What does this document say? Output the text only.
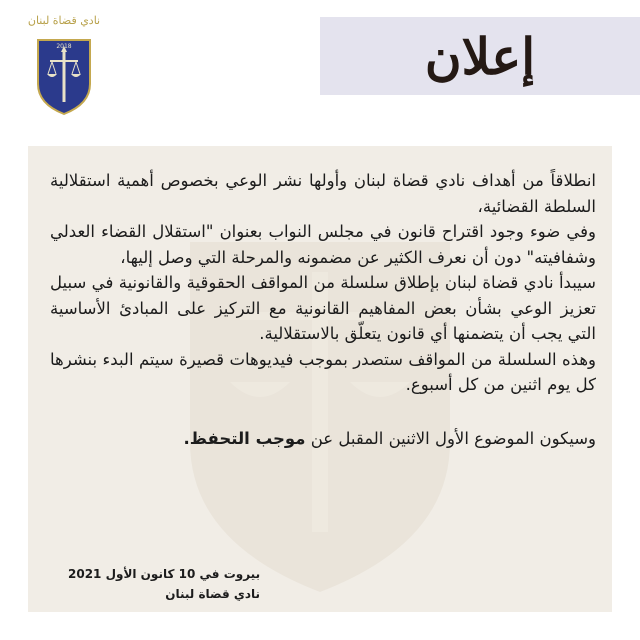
نادي قضاة لبنان
2018	إعلان

انطلاقاً من أهداف نادي قضاة لبنان وأولها نشر الوعي بخصوص أهمية استقلالية السلطة القضائية،

وفي ضوء وجود اقتراح قانون في مجلس النواب بعنوان "استقلال القضاء العدلي وشفافيته" دون أن نعرف الكثير عن مضمونه والمرحلة التي وصل إليها،

سيبدأ نادي قضاة لبنان بإطلاق سلسلة من المواقف الحقوقية والقانونية في سبيل تعزيز الوعي بشأن بعض المفاهيم القانونية مع التركيز على المبادئ الأساسية التي يجب أن يتضمنها أي قانون يتعلّق بالاستقلالية.

وهذه السلسلة من المواقف ستصدر بموجب فيديوهات قصيرة سيتم البدء بنشرها كل يوم اثنين من كل أسبوع.

وسيكون الموضوع الأول الاثنين المقبل عن موجب التحفظ.

بيروت في 10 كانون الأول 2021
نادي قضاة لبنان
